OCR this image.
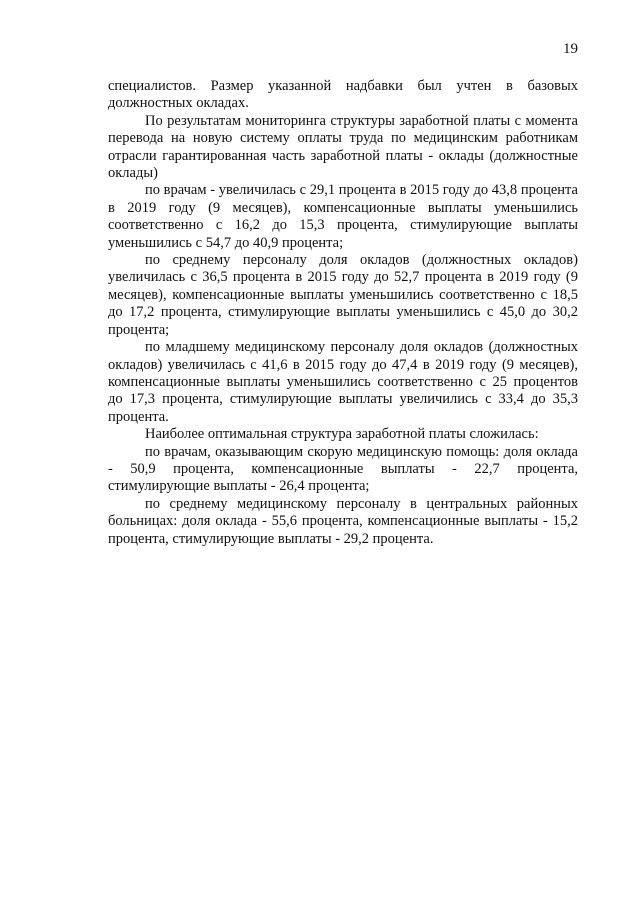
19

специалистов. Размер указанной надбавки был учтен в базовых должностных окладах.

По результатам мониторинга структуры заработной платы с момента перевода на новую систему оплаты труда по медицинским работникам отрасли гарантированная часть заработной платы - оклады (должностные оклады)

по врачам - увеличилась с 29,1 процента в 2015 году до 43,8 процента в 2019 году (9 месяцев), компенсационные выплаты уменьшились соответственно с 16,2 до 15,3 процента, стимулирующие выплаты уменьшились с 54,7 до 40,9 процента;

по среднему персоналу доля окладов (должностных окладов) увеличилась с 36,5 процента в 2015 году до 52,7 процента в 2019 году (9 месяцев), компенсационные выплаты уменьшились соответственно с 18,5 до 17,2 процента, стимулирующие выплаты уменьшились с 45,0 до 30,2 процента;

по младшему медицинскому персоналу доля окладов (должностных окладов) увеличилась с 41,6 в 2015 году до 47,4 в 2019 году (9 месяцев), компенсационные выплаты уменьшились соответственно с 25 процентов до 17,3 процента, стимулирующие выплаты увеличились с 33,4 до 35,3 процента.

Наиболее оптимальная структура заработной платы сложилась:

по врачам, оказывающим скорую медицинскую помощь: доля оклада - 50,9 процента, компенсационные выплаты - 22,7 процента, стимулирующие выплаты - 26,4 процента;

по среднему медицинскому персоналу в центральных районных больницах: доля оклада - 55,6 процента, компенсационные выплаты - 15,2 процента, стимулирующие выплаты - 29,2 процента.
